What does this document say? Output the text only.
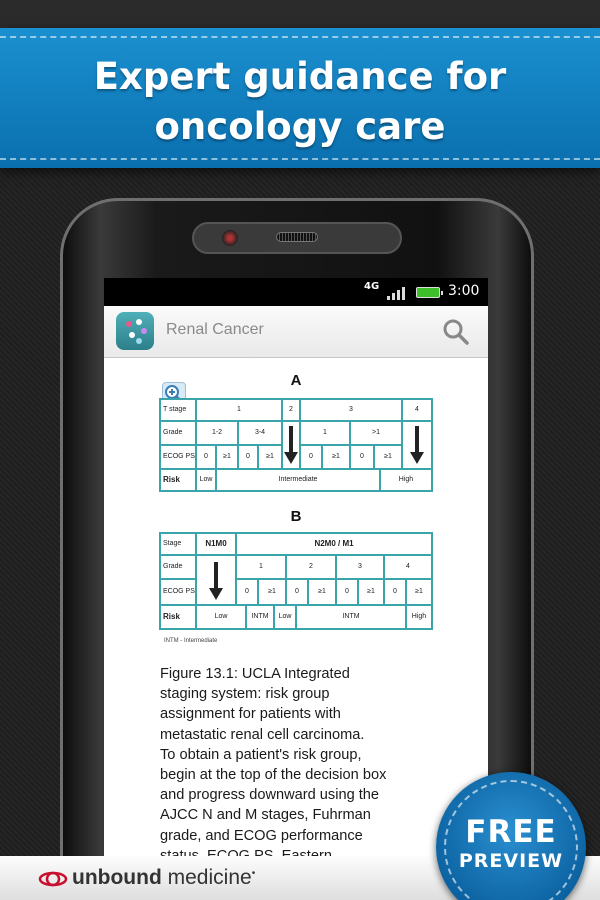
Expert guidance for
oncology care
4G	3:00
Renal Cancer
A
T stage	1	2	3	4
Grade	1-2	3-4	1	>1
ECOG PS	0	≥1	0	≥1	0	≥1	0	≥1
Risk	Low	Intermediate	High
B
Stage	N1M0	N2M0 / M1
Grade	1	2	3	4
ECOG PS	0	≥1	0	≥1	0	≥1	0	≥1
Risk	Low	INTM	Low	INTM	High
INTM - Intermediate
Figure 13.1: UCLA Integrated
staging system: risk group
assignment for patients with
metastatic renal cell carcinoma.
To obtain a patient's risk group,
begin at the top of the decision box
and progress downward using the
AJCC N and M stages, Fuhrman
grade, and ECOG performance
unbound medicine•
FREE
PREVIEW
